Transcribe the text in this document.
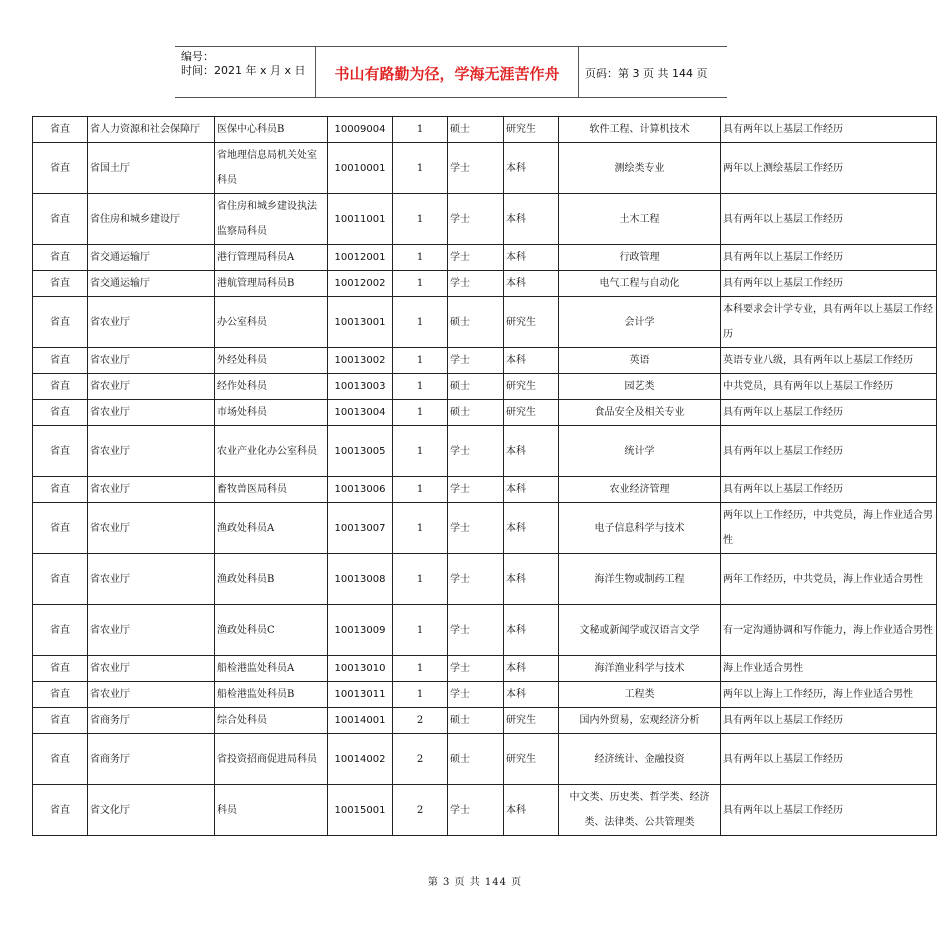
编号：
时间：2021 年 x 月 x 日	书山有路勤为径，学海无涯苦作舟	页码：第 3 页 共 144 页
省直	省人力资源和社会保障厅	医保中心科员B	10009004	1	硕士	研究生	软件工程、计算机技术	具有两年以上基层工作经历
省直	省国土厅	省地理信息局机关处室科员	10010001	1	学士	本科	测绘类专业	两年以上测绘基层工作经历
省直	省住房和城乡建设厅	省住房和城乡建设执法监察局科员	10011001	1	学士	本科	土木工程	具有两年以上基层工作经历
省直	省交通运输厅	港行管理局科员A	10012001	1	学士	本科	行政管理	具有两年以上基层工作经历
省直	省交通运输厅	港航管理局科员B	10012002	1	学士	本科	电气工程与自动化	具有两年以上基层工作经历
省直	省农业厅	办公室科员	10013001	1	硕士	研究生	会计学	本科要求会计学专业，具有两年以上基层工作经历
省直	省农业厅	外经处科员	10013002	1	学士	本科	英语	英语专业八级，具有两年以上基层工作经历
省直	省农业厅	经作处科员	10013003	1	硕士	研究生	园艺类	中共党员，具有两年以上基层工作经历
省直	省农业厅	市场处科员	10013004	1	硕士	研究生	食品安全及相关专业	具有两年以上基层工作经历
省直	省农业厅	农业产业化办公室科员	10013005	1	学士	本科	统计学	具有两年以上基层工作经历
省直	省农业厅	畜牧兽医局科员	10013006	1	学士	本科	农业经济管理	具有两年以上基层工作经历
省直	省农业厅	渔政处科员A	10013007	1	学士	本科	电子信息科学与技术	两年以上工作经历，中共党员，海上作业适合男性
省直	省农业厅	渔政处科员B	10013008	1	学士	本科	海洋生物或制药工程	两年工作经历，中共党员，海上作业适合男性
省直	省农业厅	渔政处科员C	10013009	1	学士	本科	文秘或新闻学或汉语言文学	有一定沟通协调和写作能力，海上作业适合男性
省直	省农业厅	船检港监处科员A	10013010	1	学士	本科	海洋渔业科学与技术	海上作业适合男性
省直	省农业厅	船检港监处科员B	10013011	1	学士	本科	工程类	两年以上海上工作经历，海上作业适合男性
省直	省商务厅	综合处科员	10014001	2	硕士	研究生	国内外贸易，宏观经济分析	具有两年以上基层工作经历
省直	省商务厅	省投资招商促进局科员	10014002	2	硕士	研究生	经济统计、金融投资	具有两年以上基层工作经历
省直	省文化厅	科员	10015001	2	学士	本科	中文类、历史类、哲学类、经济类、法律类、公共管理类	具有两年以上基层工作经历
第 3 页 共 144 页
